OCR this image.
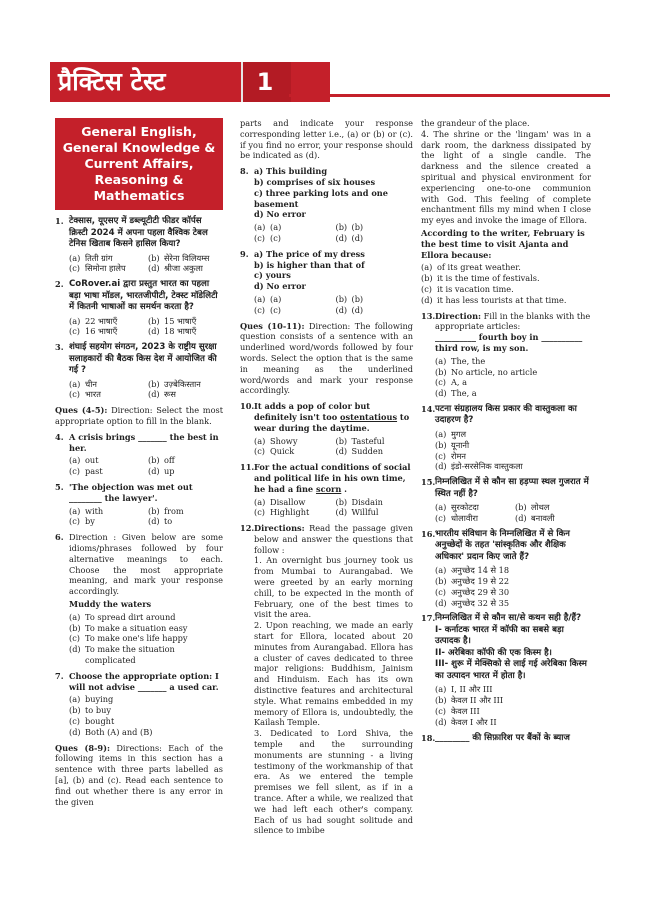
प्रैक्टिस टेस्ट	1
General English, General Knowledge & Current Affairs, Reasoning & Mathematics
1. टेक्सास, यूएसए में डब्ल्यूटीटी फीडर कॉर्पस क्रिस्टी 2024 में अपना पहला वैश्विक टेबल टेनिस खिताब किसने हासिल किया?
(a) तिती ग्रांग	(b) सेरेना विलियम्स
(c) सिमोना हालेप	(d) श्रीजा अकुला
2. CoRover.ai द्वारा प्रस्तुत भारत का पहला बड़ा भाषा मॉडल, भारतजीपीटी, टेक्स्ट मॉडेलिटी में कितनी भाषाओं का समर्थन करता है?
(a) 22 भाषाएँ	(b) 15 भाषाएँ
(c) 16 भाषाएँ	(d) 18 भाषाएँ
3. शंघाई सहयोग संगठन, 2023 के राष्ट्रीय सुरक्षा सलाहकारों की बैठक किस देश में आयोजित की गई ?
(a) चीन	(b) उज़्बेकिस्तान
(c) भारत	(d) रूस
Ques (4-5): Direction: Select the most appropriate option to fill in the blank.
4. A crisis brings _______ the best in her.
(a) out	(b) off
(c) past	(d) up
5. 'The objection was met out ________ the lawyer'.
(a) with	(b) from
(c) by	(d) to
6. Direction : Given below are some idioms/phrases followed by four alternative meanings to each. Choose the most appropriate meaning, and mark your response accordingly.
Muddy the waters
(a) To spread dirt around
(b) To make a situation easy
(c) To make one's life happy
(d) To make the situation complicated
7. Choose the appropriate option: I will not advise _______ a used car.
(a) buying
(b) to buy
(c) bought
(d) Both (A) and (B)
Ques (8-9): Directions: Each of the following items in this section has a sentence with three parts labelled as [a], (b) and (c). Read each sentence to find out whether there is any error in the given
parts and indicate your response corresponding letter i.e., (a) or (b) or (c). if you find no error, your response should be indicated as (d).
8. a) This building
b) comprises of six houses
c) three parking lots and one basement
d) No error
(a) (a)	(b) (b)
(c) (c)	(d) (d)
9. a) The price of my dress
b) is higher than that of
c) yours
d) No error
(a) (a)	(b) (b)
(c) (c)	(d) (d)
Ques (10-11): Direction: The following question consists of a sentence with an underlined word/words followed by four words. Select the option that is the same in meaning as the underlined word/words and mark your response accordingly.
10. It adds a pop of color but definitely isn't too ostentatious to wear during the daytime.
(a) Showy	(b) Tasteful
(c) Quick	(d) Sudden
11. For the actual conditions of social and political life in his own time, he had a fine scorn .
(a) Disallow	(b) Disdain
(c) Highlight	(d) Willful
12. Directions: Read the passage given below and answer the questions that follow :
1. An overnight bus journey took us from Mumbai to Aurangabad. We were greeted by an early morning chill, to be expected in the month of February, one of the best times to visit the area.
2. Upon reaching, we made an early start for Ellora, located about 20 minutes from Aurangabad. Ellora has a cluster of caves dedicated to three major religions: Buddhism, Jainism and Hinduism. Each has its own distinctive features and architectural style. What remains embedded in my memory of Ellora is, undoubtedly, the Kailash Temple.
3. Dedicated to Lord Shiva, the temple and the surrounding monuments are stunning - a living testimony of the workmanship of that era. As we entered the temple premises we fell silent, as if in a trance. After a while, we realized that we had left each other's company. Each of us had sought solitude and silence to imbibe
the grandeur of the place.
4. The shrine or the 'lingam' was in a dark room, the darkness dissipated by the light of a single candle. The darkness and the silence created a spiritual and physical environment for experiencing one-to-one communion with God. This feeling of complete enchantment fills my mind when I close my eyes and invoke the image of Ellora.
According to the writer, February is the best time to visit Ajanta and Ellora because:
(a) of its great weather.
(b) it is the time of festivals.
(c) it is vacation time.
(d) it has less tourists at that time.
13. Direction: Fill in the blanks with the appropriate articles:
__________ fourth boy in __________ third row, is my son.
(a) The, the
(b) No article, no article
(c) A, a
(d) The, a
14. पटना संग्रहालय किस प्रकार की वास्तुकला का उदाहरण है?
(a) मुगल
(b) यूनानी
(c) रोमन
(d) इंडो-सरसेनिक वास्तुकला
15. निम्नलिखित में से कौन सा हड़प्पा स्थल गुजरात में स्थित नहीं है?
(a) सुरकोटदा	(b) लोथल
(c) धोलावीरा	(d) बनावली
16. भारतीय संविधान के निम्नलिखित में से किन अनुच्छेदों के तहत 'सांस्कृतिक और शैक्षिक अधिकार' प्रदान किए जाते हैं?
(a) अनुच्छेद 14 से 18
(b) अनुच्छेद 19 से 22
(c) अनुच्छेद 29 से 30
(d) अनुच्छेद 32 से 35
17. निम्नलिखित में से कौन सा/से कथन सही है/हैं?
I- कर्नाटक भारत में कॉफी का सबसे बड़ा उत्पादक है।
II- अरेबिका कॉफी की एक किस्म है।
III- शुरू में मेक्सिको से लाई गई अरेबिका किस्म का उत्पादन भारत में होता है।
(a) I, II और III
(b) केवल II और III
(c) केवल III
(d) केवल I और II
18. ________ की सिफ़ारिश पर बैंकों के ब्याज
